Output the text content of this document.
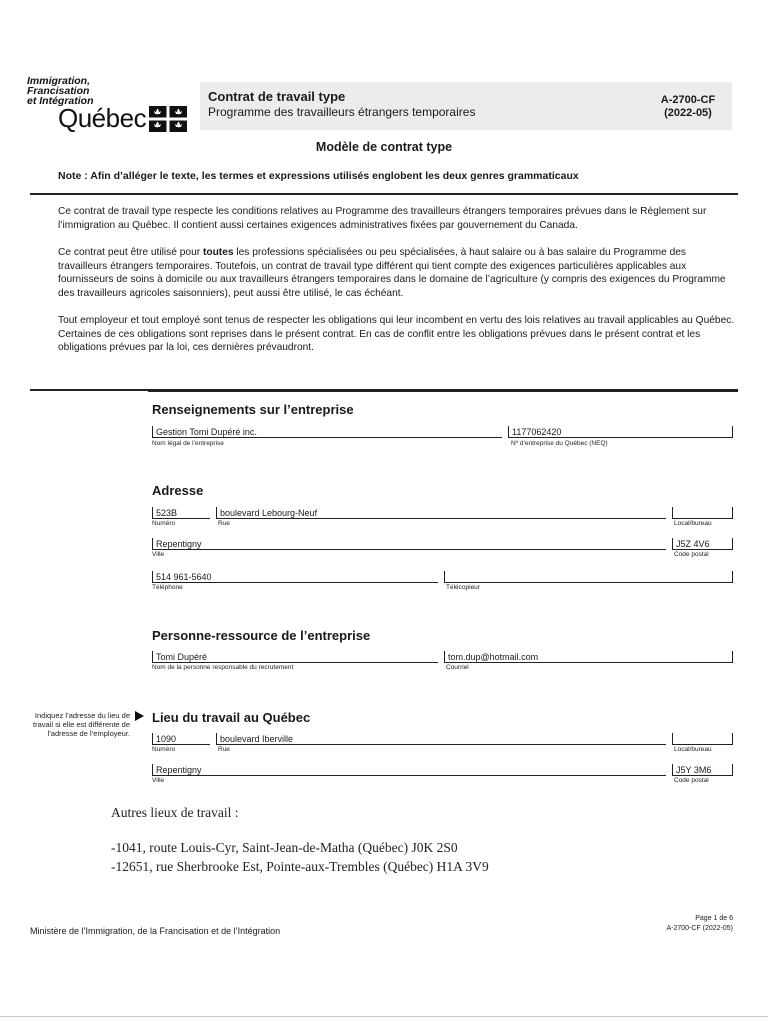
Immigration,
Francisation
et Intégration
Québec
Contrat de travail type
Programme des travailleurs étrangers temporaires
A-2700-CF
(2022-05)
Modèle de contrat type
Note : Afin d’alléger le texte, les termes et expressions utilisés englobent les deux genres grammaticaux
Ce contrat de travail type respecte les conditions relatives au Programme des travailleurs étrangers temporaires prévues dans le Règlement sur l’immigration au Québec. Il contient aussi certaines exigences administratives fixées par gouvernement du Canada.
Ce contrat peut être utilisé pour toutes les professions spécialisées ou peu spécialisées, à haut salaire ou à bas salaire du Programme des travailleurs étrangers temporaires. Toutefois, un contrat de travail type différent qui tient compte des exigences particulières applicables aux fournisseurs de soins à domicile ou aux travailleurs étrangers temporaires dans le domaine de l’agriculture (y compris des exigences du Programme des travailleurs agricoles saisonniers), peut aussi être utilisé, le cas échéant.
Tout employeur et tout employé sont tenus de respecter les obligations qui leur incombent en vertu des lois relatives au travail applicables au Québec. Certaines de ces obligations sont reprises dans le présent contrat. En cas de conflit entre les obligations prévues dans le présent contrat et les obligations prévues par la loi, ces dernières prévaudront.
Renseignements sur l’entreprise
Gestion Tomi Dupéré inc.
Nom légal de l’entreprise
1177062420
Nº d’entreprise du Québec (NEQ)
Adresse
523B
Numéro
boulevard Lebourg-Neuf
Rue	Local/bureau
Repentigny
Ville
J5Z 4V6
Code postal
514 961-5640
Téléphone	Télécopieur
Personne-ressource de l’entreprise
Tomi Dupéré
Nom de la personne responsable du recrutement
tom.dup@hotmail.com
Courriel
Indiquez l’adresse du lieu de travail si elle est différente de l’adresse de l’employeur.
Lieu du travail au Québec
1090
Numéro
boulevard Iberville
Rue	Local/bureau
Repentigny
Ville
J5Y 3M6
Code postal
Autres lieux de travail :
-1041, route Louis-Cyr, Saint-Jean-de-Matha (Québec) J0K 2S0
-12651, rue Sherbrooke Est, Pointe-aux-Trembles (Québec) H1A 3V9
Ministère de l’Immigration, de la Francisation et de l’Intégration
Page 1 de 6
A-2700-CF (2022-05)
